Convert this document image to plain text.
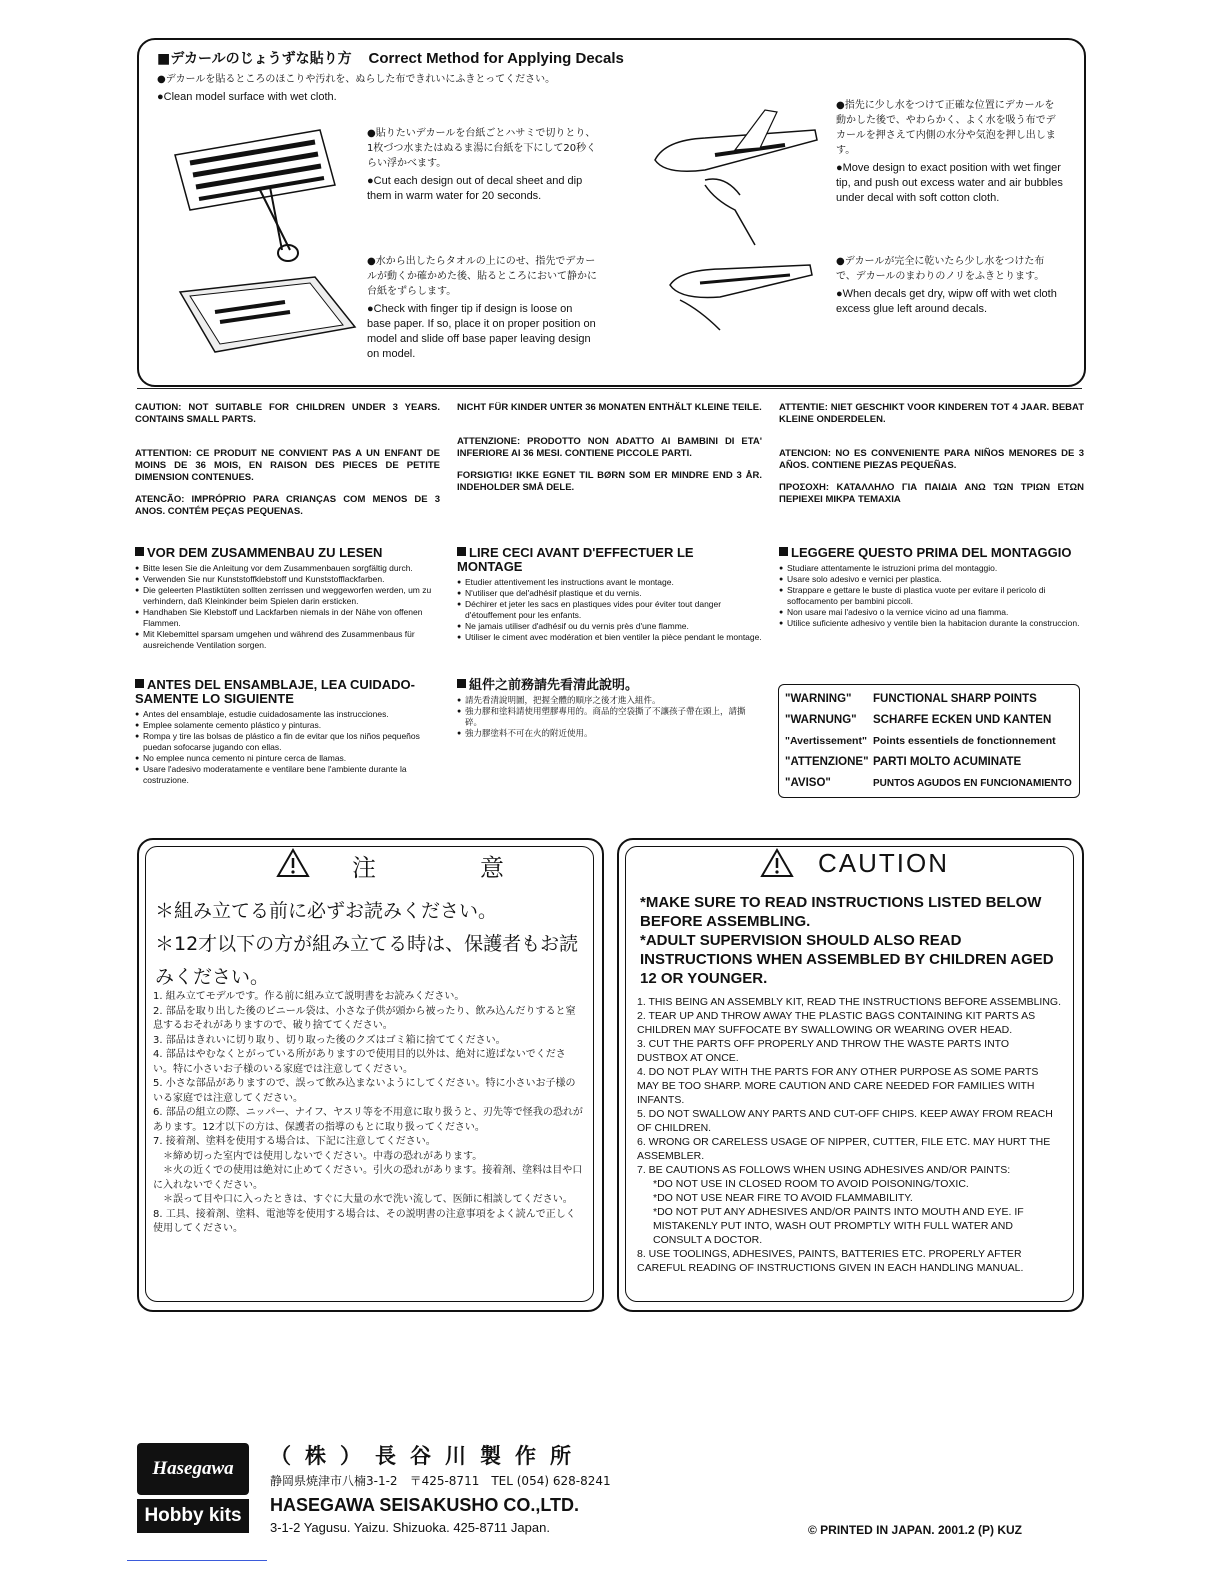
■デカールのじょうずな貼り方 Correct Method for Applying Decals
●デカールを貼るところのほこりや汚れを、ぬらした布できれいにふきとってください。
●Clean model surface with wet cloth.

●貼りたいデカールを台紙ごとハサミで切りとり、1枚づつ水またはぬるま湯に台紙を下にして20秒くらい浮かべます。

●Cut each design out of decal sheet and dip them in warm water for 20 seconds.

●水から出したらタオルの上にのせ、指先でデカールが動くか確かめた後、貼るところにおいて静かに台紙をずらします。

●Check with finger tip if design is loose on base paper. If so, place it on proper position on model and slide off base paper leaving design on model.

●指先に少し水をつけて正確な位置にデカールを動かした後で、やわらかく、よく水を吸う布でデカールを押さえて内側の水分や気泡を押し出します。

●Move design to exact position with wet finger tip, and push out excess water and air bubbles under decal with soft cotton cloth.

●デカールが完全に乾いたら少し水をつけた布で、デカールのまわりのノリをふきとります。

●When decals get dry, wipw off with wet cloth excess glue left around decals.

CAUTION: NOT SUITABLE FOR CHILDREN UNDER 3 YEARS. CONTAINS SMALL PARTS.

ATTENTION: CE PRODUIT NE CONVIENT PAS A UN ENFANT DE MOINS DE 36 MOIS, EN RAISON DES PIECES DE PETITE DIMENSION CONTENUES.

ATENCÃO: IMPRÓPRIO PARA CRIANÇAS COM MENOS DE 3 ANOS. CONTÉM PEÇAS PEQUENAS.

NICHT FÜR KINDER UNTER 36 MONATEN ENTHÄLT KLEINE TEILE.

ATTENZIONE: PRODOTTO NON ADATTO AI BAMBINI DI ETA' INFERIORE AI 36 MESI. CONTIENE PICCOLE PARTI.

FORSIGTIG! IKKE EGNET TIL BØRN SOM ER MINDRE END 3 ÅR. INDEHOLDER SMÅ DELE.

ATTENTIE: NIET GESCHIKT VOOR KINDEREN TOT 4 JAAR. BEBAT KLEINE ONDERDELEN.

ATENCION: NO ES CONVENIENTE PARA NIÑOS MENORES DE 3 AÑOS. CONTIENE PIEZAS PEQUEÑAS.

ΠΡΟΣΟΧΗ: ΚΑΤΑΛΛΗΛΟ ΓΙΑ ΠΑΙΔΙΑ ΑΝΩ ΤΩΝ ΤΡΙΩΝ ΕΤΩΝ ΠΕΡΙΕΧΕΙ ΜΙΚΡΑ ΤΕΜΑΧΙΑ

VOR DEM ZUSAMMENBAU ZU LESEN
● Bitte lesen Sie die Anleitung vor dem Zusammenbauen sorgfältig durch.
● Verwenden Sie nur Kunststoffklebstoff und Kunststofflackfarben.
● Die geleerten Plastiktüten sollten zerrissen und weggeworfen werden, um zu verhindern, daß Kleinkinder beim Spielen darin ersticken.
● Handhaben Sie Klebstoff und Lackfarben niemals in der Nähe von offenen Flammen.
● Mit Klebemittel sparsam umgehen und während des Zusammenbaus für ausreichende Ventilation sorgen.
LIRE CECI AVANT D'EFFECTUER LE MONTAGE
● Etudier attentivement les instructions avant le montage.
● N'utiliser que del'adhésif plastique et du vernis.
● Déchirer et jeter les sacs en plastiques vides pour éviter tout danger d'étouffement pour les enfants.
● Ne jamais utiliser d'adhésif ou du vernis près d'une flamme.
● Utiliser le ciment avec modération et bien ventiler la pièce pendant le montage.
LEGGERE QUESTO PRIMA DEL MONTAGGIO
● Studiare attentamente le istruzioni prima del montaggio.
● Usare solo adesivo e vernici per plastica.
● Strappare e gettare le buste di plastica vuote per evitare il pericolo di soffocamento per bambini piccoli.
● Non usare mai l'adesivo o la vernice vicino ad una fiamma.
● Utilice suficiente adhesivo y ventile bien la habitacion durante la construccion.
ANTES DEL ENSAMBLAJE, LEA CUIDADO-SAMENTE LO SIGUIENTE
● Antes del ensamblaje, estudie cuidadosamente las instrucciones.
● Emplee solamente cemento plástico y pinturas.
● Rompa y tire las bolsas de plástico a fin de evitar que los niños pequeños puedan sofocarse jugando con ellas.
● No emplee nunca cemento ni pinture cerca de llamas.
● Usare l'adesivo moderatamente e ventilare bene l'ambiente durante la costruzione.
組件之前務請先看清此說明。
● 請先看清說明圖，把握全體的順序之後才進入組件。
● 強力膠和塗料請使用塑膠專用的。商品的空袋撕了不讓孩子帶在頭上，請撕碎。
● 強力膠塗料不可在火的附近使用。
"WARNING"	FUNCTIONAL SHARP POINTS
"WARNUNG"	SCHARFE ECKEN UND KANTEN
"Avertissement" Points essentiels de fonctionnement
"ATTENZIONE" PARTI MOLTO ACUMINATE
"AVISO"	PUNTOS AGUDOS EN FUNCIONAMIENTO
注　意
＊組み立てる前に必ずお読みください。
＊12才以下の方が組み立てる時は、保護者もお読みください。

1. 組み立てモデルです。作る前に組み立て説明書をお読みください。

2. 部品を取り出した後のビニール袋は、小さな子供が頭から被ったり、飲み込んだりすると窒息するおそれがありますので、破り捨ててください。

3. 部品はきれいに切り取り、切り取った後のクズはゴミ箱に捨ててください。

4. 部品はやむなくとがっている所がありますので使用目的以外は、絶対に遊ばないでください。特に小さいお子様のいる家庭では注意してください。

5. 小さな部品がありますので、誤って飲み込まないようにしてください。特に小さいお子様のいる家庭では注意してください。

6. 部品の組立の際、ニッパー、ナイフ、ヤスリ等を不用意に取り扱うと、刃先等で怪我の恐れがあります。12才以下の方は、保護者の指導のもとに取り扱ってください。

7. 接着剤、塗料を使用する場合は、下記に注意してください。

　＊締め切った室内では使用しないでください。中毒の恐れがあります。

　＊火の近くでの使用は絶対に止めてください。引火の恐れがあります。接着剤、塗料は目や口に入れないでください。

　＊誤って目や口に入ったときは、すぐに大量の水で洗い流して、医師に相談してください。

8. 工具、接着剤、塗料、電池等を使用する場合は、その説明書の注意事項をよく読んで正しく使用してください。

CAUTION
*MAKE SURE TO READ INSTRUCTIONS LISTED BELOW BEFORE ASSEMBLING.
*ADULT SUPERVISION SHOULD ALSO READ INSTRUCTIONS WHEN ASSEMBLED BY CHILDREN AGED 12 OR YOUNGER.

1. THIS BEING AN ASSEMBLY KIT, READ THE INSTRUCTIONS BEFORE ASSEMBLING.

2. TEAR UP AND THROW AWAY THE PLASTIC BAGS CONTAINING KIT PARTS AS CHILDREN MAY SUFFOCATE BY SWALLOWING OR WEARING OVER HEAD.

3. CUT THE PARTS OFF PROPERLY AND THROW THE WASTE PARTS INTO DUSTBOX AT ONCE.

4. DO NOT PLAY WITH THE PARTS FOR ANY OTHER PURPOSE AS SOME PARTS MAY BE TOO SHARP. MORE CAUTION AND CARE NEEDED FOR FAMILIES WITH INFANTS.

5. DO NOT SWALLOW ANY PARTS AND CUT-OFF CHIPS. KEEP AWAY FROM REACH OF CHILDREN.

6. WRONG OR CARELESS USAGE OF NIPPER, CUTTER, FILE ETC. MAY HURT THE ASSEMBLER.

7. BE CAUTIONS AS FOLLOWS WHEN USING ADHESIVES AND/OR PAINTS:

*DO NOT USE IN CLOSED ROOM TO AVOID POISONING/TOXIC.

*DO NOT USE NEAR FIRE TO AVOID FLAMMABILITY.

*DO NOT PUT ANY ADHESIVES AND/OR PAINTS INTO MOUTH AND EYE. IF MISTAKENLY PUT INTO, WASH OUT PROMPTLY WITH FULL WATER AND CONSULT A DOCTOR.

8. USE TOOLINGS, ADHESIVES, PAINTS, BATTERIES ETC. PROPERLY AFTER CAREFUL READING OF INSTRUCTIONS GIVEN IN EACH HANDLING MANUAL.

Hasegawa
Hobby kits
（株）長谷川製作所
静岡県焼津市八楠3-1-2　〒425-8711　TEL (054) 628-8241
HASEGAWA SEISAKUSHO CO.,LTD.
3-1-2 Yagusu. Yaizu. Shizuoka. 425-8711 Japan.	© PRINTED IN JAPAN. 2001.2 (P) KUZ
